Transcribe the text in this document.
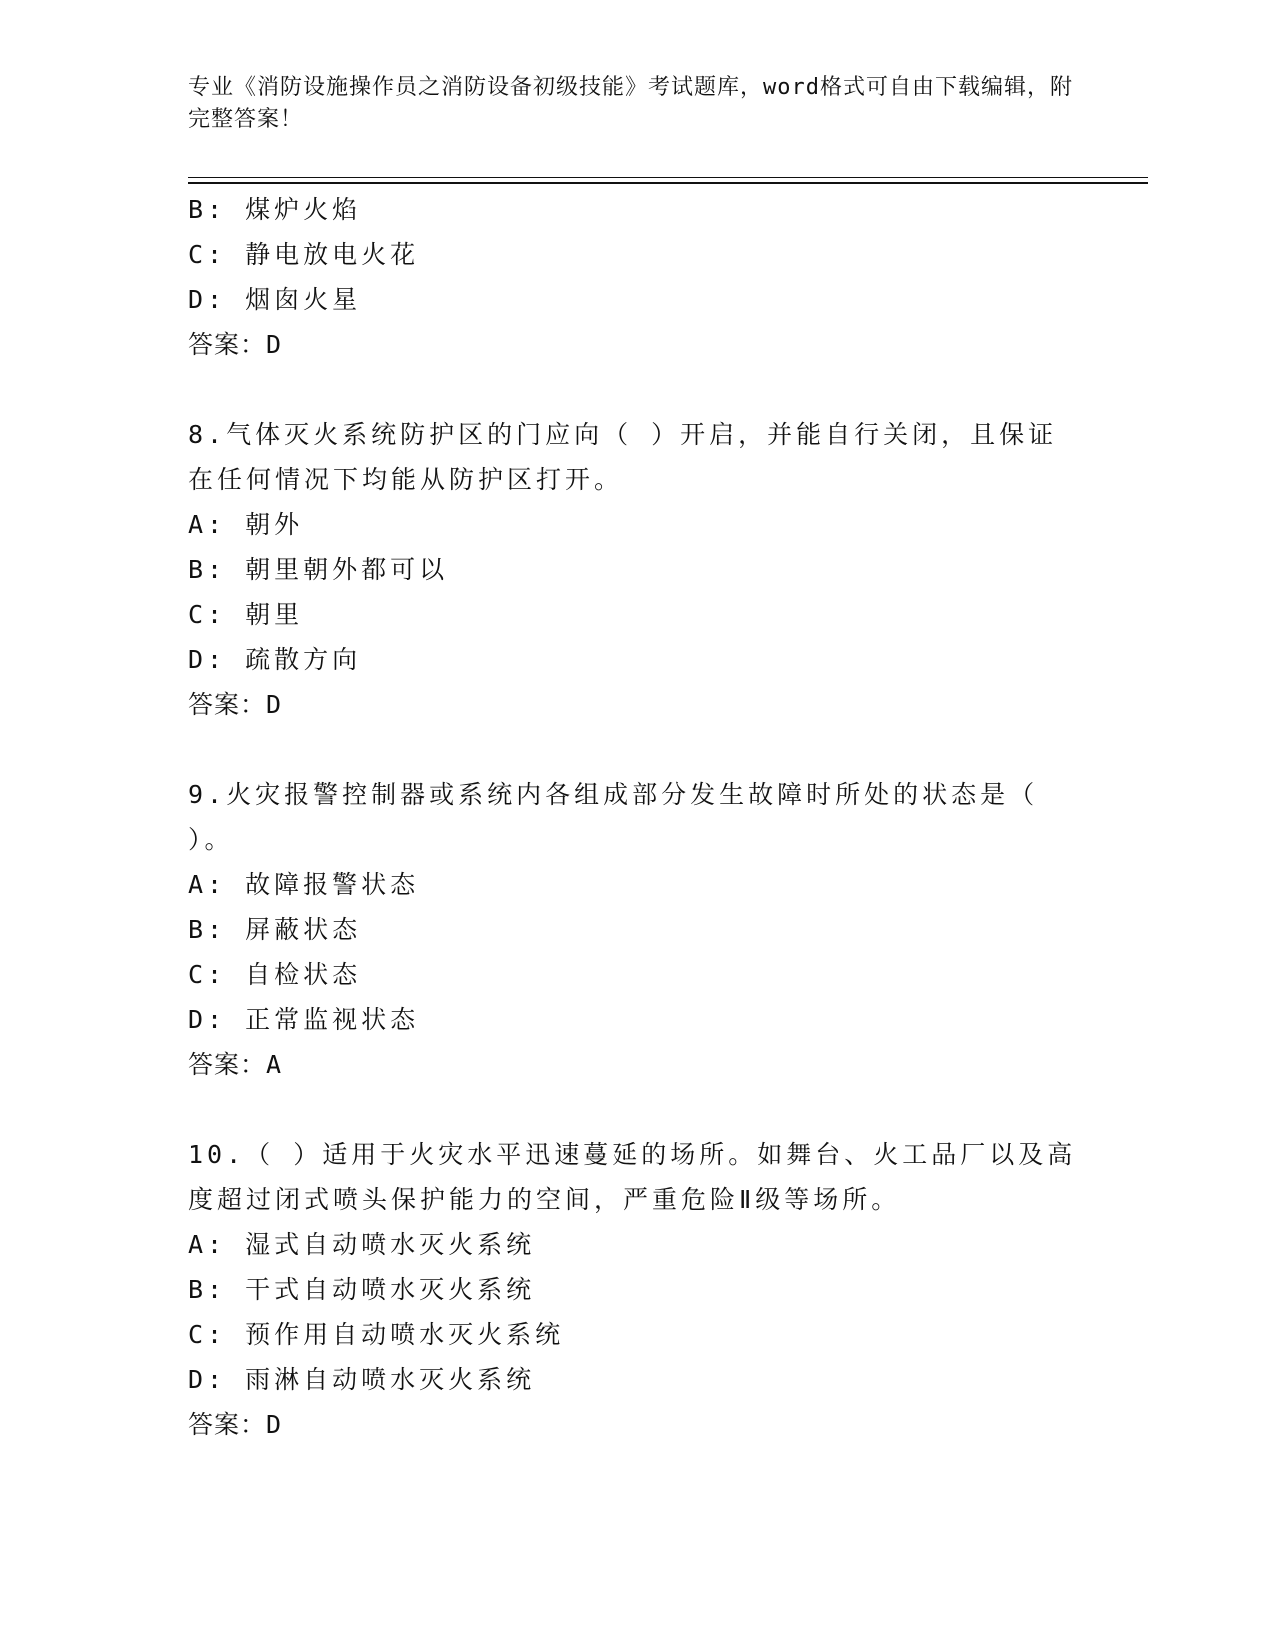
专业《消防设施操作员之消防设备初级技能》考试题库，word格式可自由下载编辑，附完整答案！
B: 煤炉火焰
C: 静电放电火花
D: 烟囱火星
答案：D
8.气体灭火系统防护区的门应向（ ）开启，并能自行关闭，且保证
在任何情况下均能从防护区打开。
A: 朝外
B: 朝里朝外都可以
C: 朝里
D: 疏散方向
答案：D
9.火灾报警控制器或系统内各组成部分发生故障时所处的状态是（
）。
A: 故障报警状态
B: 屏蔽状态
C: 自检状态
D: 正常监视状态
答案：A
10.（ ）适用于火灾水平迅速蔓延的场所。如舞台、火工品厂以及高
度超过闭式喷头保护能力的空间，严重危险Ⅱ级等场所。
A: 湿式自动喷水灭火系统
B: 干式自动喷水灭火系统
C: 预作用自动喷水灭火系统
D: 雨淋自动喷水灭火系统
答案：D
